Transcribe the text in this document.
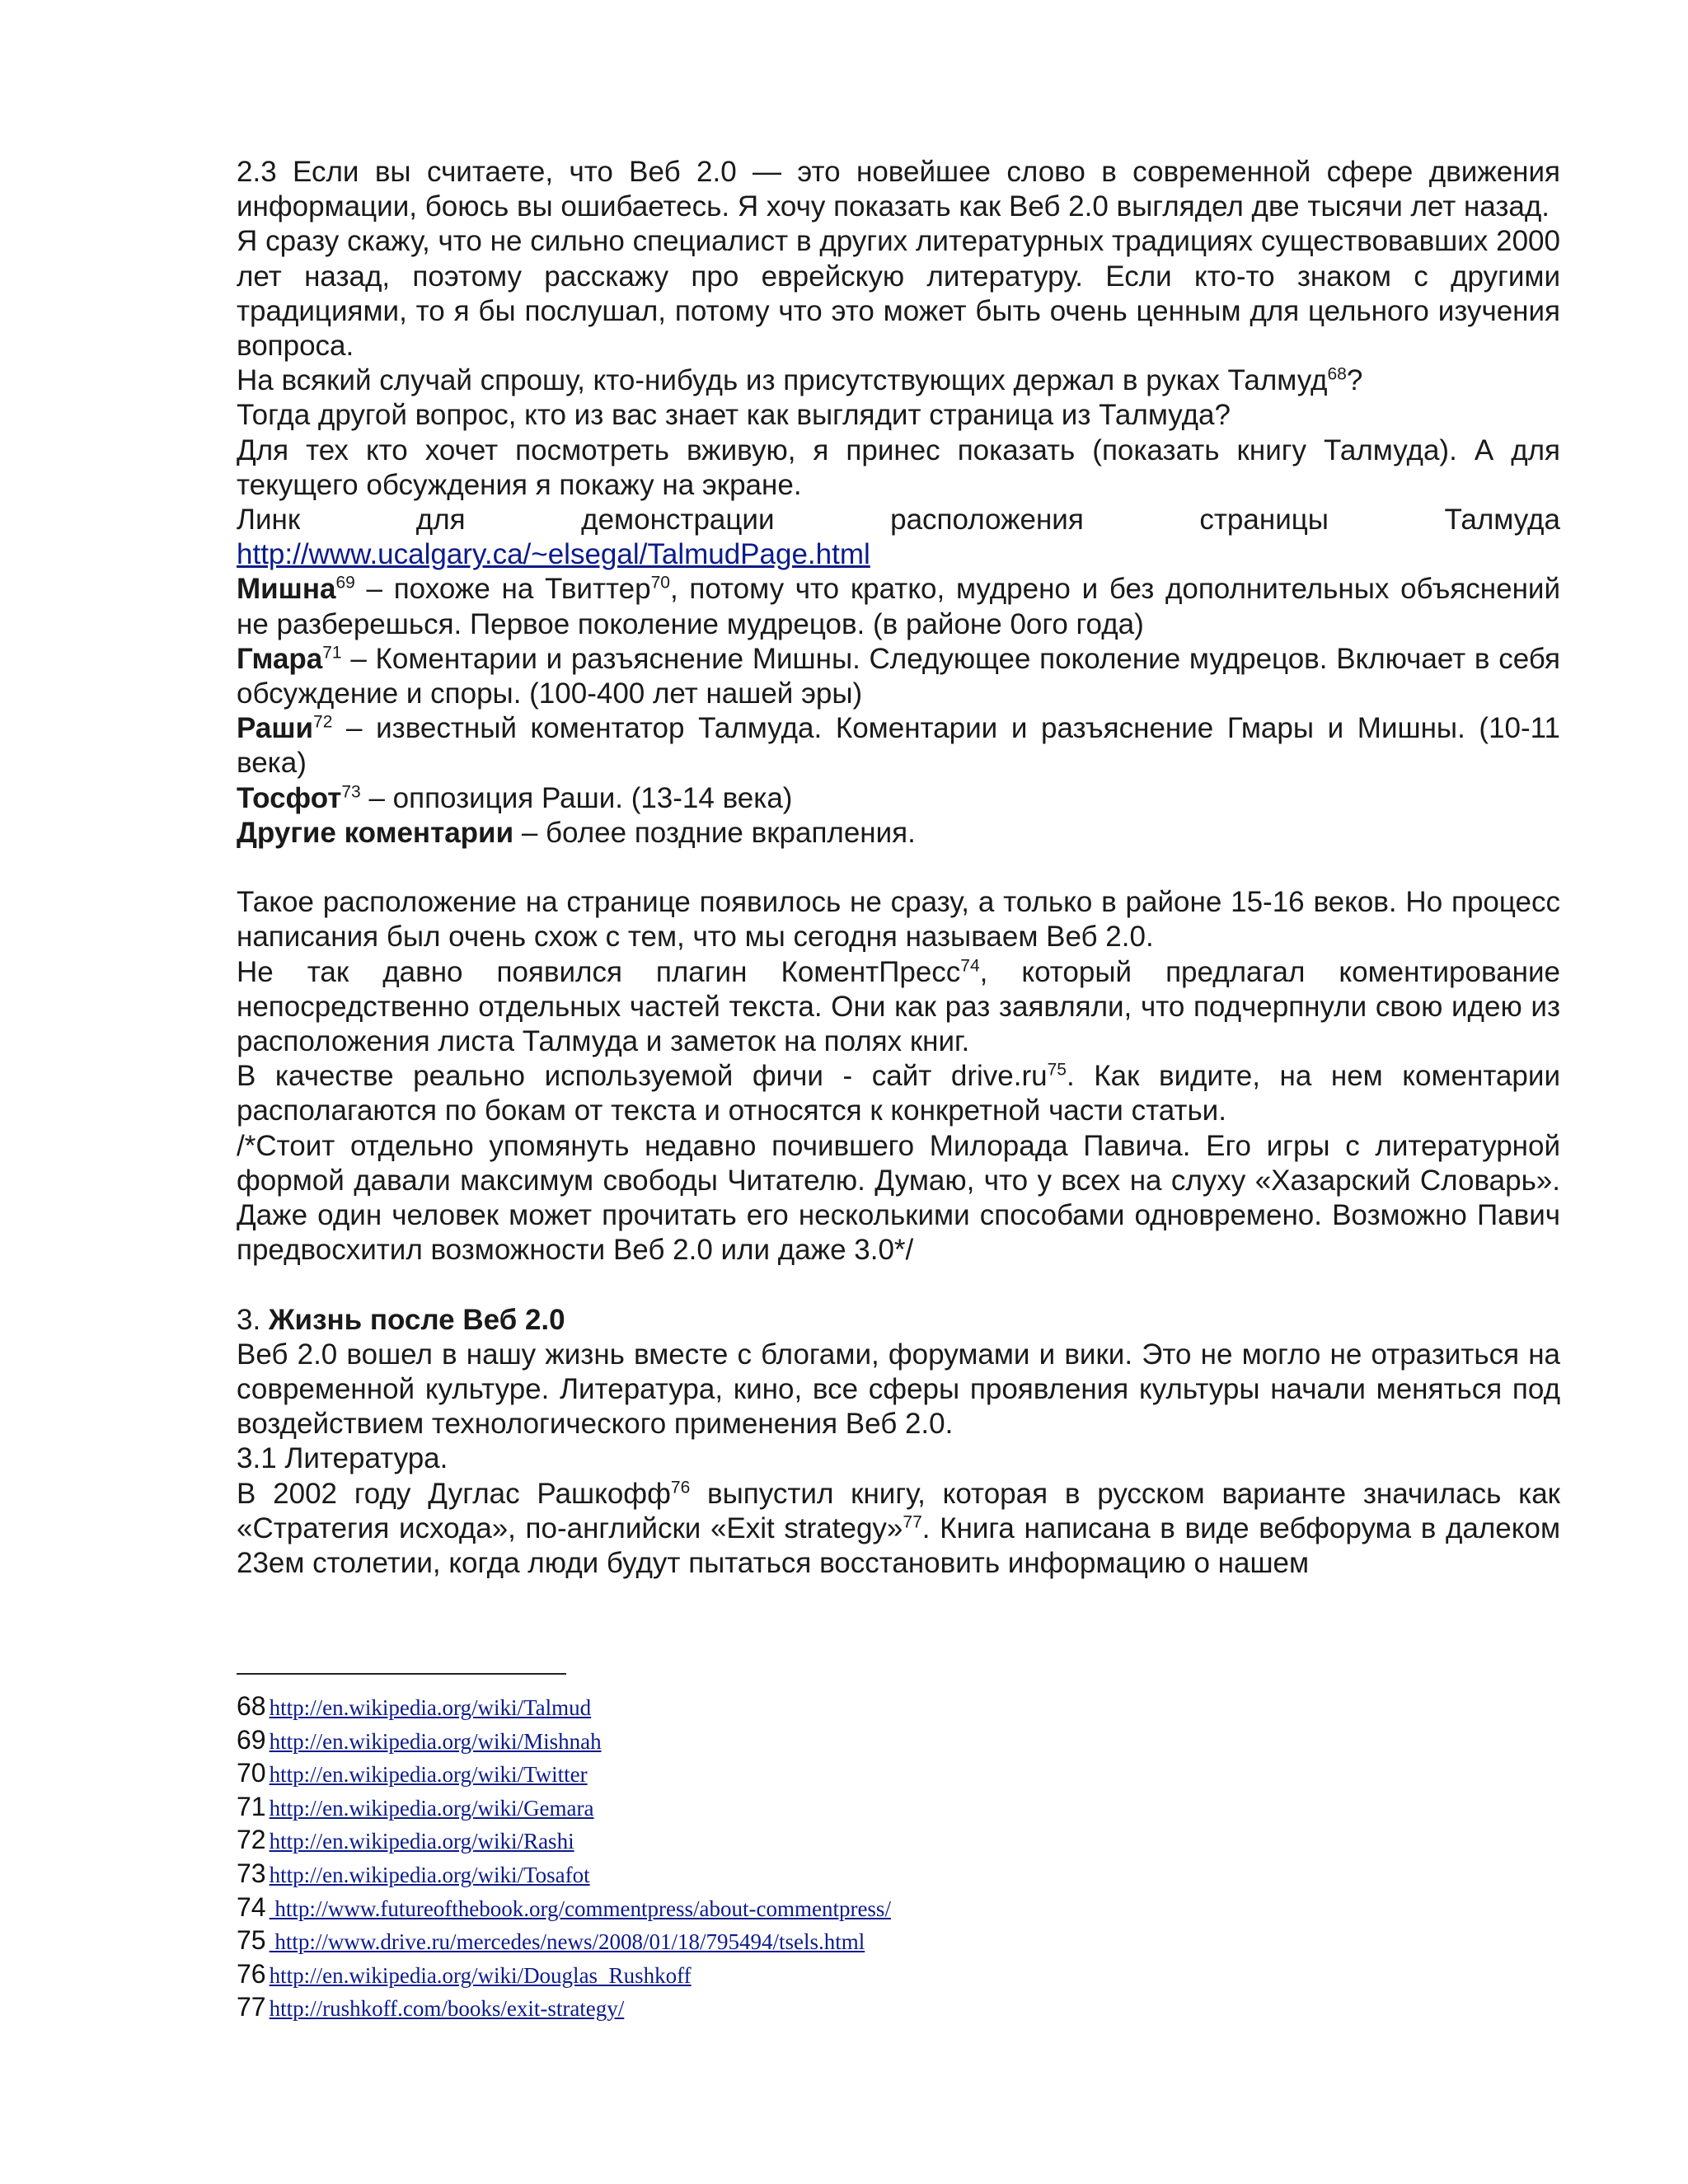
2.3 Если вы считаете, что Веб 2.0 — это новейшее слово в современной сфере движения информации, боюсь вы ошибаетесь. Я хочу показать как Веб 2.0 выглядел две тысячи лет назад.

Я сразу скажу, что не сильно специалист в других литературных традициях существовавших 2000 лет назад, поэтому расскажу про еврейскую литературу. Если кто-то знаком с другими традициями, то я бы послушал, потому что это может быть очень ценным для цельного изучения вопроса.

На всякий случай спрошу, кто-нибудь из присутствующих держал в руках Талмуд$^{68}$?

Тогда другой вопрос, кто из вас знает как выглядит страница из Талмуда?

Для тех кто хочет посмотреть вживую, я принес показать (показать книгу Талмуда). А для текущего обсуждения я покажу на экране.

Линк	для	демонстрации	расположения	страницы	Талмуда

http://www.ucalgary.ca/~elsegal/TalmudPage.html

Мишна$^{69}$ – похоже на Твиттер$^{70}$, потому что кратко, мудрено и без дополнительных объяснений не разберешься. Первое поколение мудрецов. (в районе 0ого года)

Гмара$^{71}$ – Коментарии и разъяснение Мишны. Следующее поколение мудрецов. Включает в себя обсуждение и споры. (100-400 лет нашей эры)

Раши$^{72}$ – известный коментатор Талмуда. Коментарии и разъяснение Гмары и Мишны. (10-11 века)

Тосфот$^{73}$ – оппозиция Раши. (13-14 века)

Другие коментарии – более поздние вкрапления.

Такое расположение на странице появилось не сразу, а только в районе 15-16 веков. Но процесс написания был очень схож с тем, что мы сегодня называем Веб 2.0.

Не так давно появился плагин КоментПресс$^{74}$, который предлагал коментирование непосредственно отдельных частей текста. Они как раз заявляли, что подчерпнули свою идею из расположения листа Талмуда и заметок на полях книг.

В качестве реально используемой фичи - сайт $drive.ru^{75}$. Как видите, на нем коментарии располагаются по бокам от текста и относятся к конкретной части статьи.

/*Стоит отдельно упомянуть недавно почившего Милорада Павича. Его игры с литературной формой давали максимум свободы Читателю. Думаю, что у всех на слуху «Хазарский Словарь». Даже один человек может прочитать его несколькими способами одновремено. Возможно Павич предвосхитил возможности Веб 2.0 или даже 3.0*/

3. Жизнь после Веб 2.0

Веб 2.0 вошел в нашу жизнь вместе с блогами, форумами и вики. Это не могло не отразиться на современной культуре. Литература, кино, все сферы проявления культуры начали меняться под воздействием технологического применения Веб 2.0.

3.1 Литература.

В 2002 году Дуглас Рашкофф$^{76}$ выпустил книгу, которая в русском варианте значилась как «Стратегия исхода», по-английски «Exit strategy»$^{77}$. Книга написана в виде вебфорума в далеком 23ем столетии, когда люди будут пытаться восстановить информацию о нашем

68 http://en.wikipedia.org/wiki/Talmud
69 http://en.wikipedia.org/wiki/Mishnah
70 http://en.wikipedia.org/wiki/Twitter
71 http://en.wikipedia.org/wiki/Gemara
72 http://en.wikipedia.org/wiki/Rashi
73 http://en.wikipedia.org/wiki/Tosafot
74 http://www.futureofthebook.org/commentpress/about-commentpress/
75 http://www.drive.ru/mercedes/news/2008/01/18/795494/tsels.html
76 http://en.wikipedia.org/wiki/Douglas_Rushkoff
77 http://rushkoff.com/books/exit-strategy/
